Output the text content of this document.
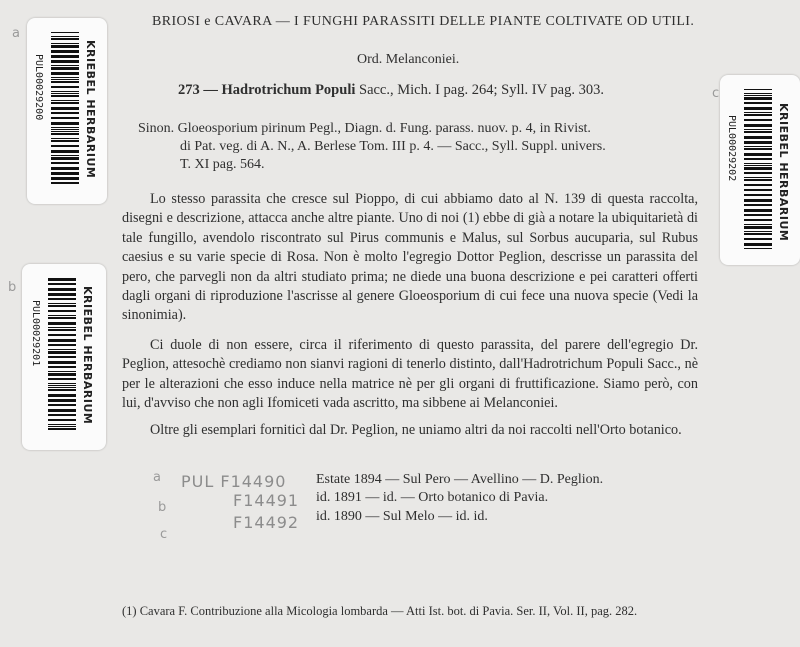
BRIOSI e CAVARA — I FUNGHI PARASSITI DELLE PIANTE COLTIVATE OD UTILI.
Ord. Melanconiei.
273 — Hadrotrichum Populi Sacc., Mich. I pag. 264; Syll. IV pag. 303.
Sinon. Gloeosporium pirinum Pegl., Diagn. d. Fung. parass. nuov. p. 4, in Rivist.
di Pat. veg. di A. N., A. Berlese Tom. III p. 4. — Sacc., Syll. Suppl. univers.
T. XI pag. 564.
Lo stesso parassita che cresce sul Pioppo, di cui abbiamo dato al N. 139 di questa raccolta, disegni e descrizione, attacca anche altre piante. Uno di noi (1) ebbe di già a notare la ubiquitarietà di tale fungillo, avendolo riscontrato sul Pirus communis e Malus, sul Sorbus aucuparia, sul Rubus caesius e su varie specie di Rosa. Non è molto l'egregio Dottor Peglion, descrisse un parassita del pero, che parvegli non da altri studiato prima; ne diede una buona descrizione e pei caratteri offerti dagli organi di riproduzione l'ascrisse al genere Gloeosporium di cui fece una nuova specie (Vedi la sinonimia).
Ci duole di non essere, circa il riferimento di questo parassita, del parere dell'egregio Dr. Peglion, attesochè crediamo non sianvi ragioni di tenerlo distinto, dall'Hadrotrichum Populi Sacc., nè per le alterazioni che esso induce nella matrice nè per gli organi di fruttificazione. Siamo però, con lui, d'avviso che non agli Ifomiceti vada ascritto, ma sibbene ai Melanconiei.
Oltre gli esemplari forniticì dal Dr. Peglion, ne uniamo altri da noi raccolti nell'Orto botanico.
Estate 1894 — Sul Pero — Avellino — D. Peglion.
id. 1891 — id. — Orto botanico di Pavia.
id. 1890 — Sul Melo — id. id.
PUL F14490
F14491
F14492
a
b
c
a
b
c
(1) Cavara F. Contribuzione alla Micologia lombarda — Atti Ist. bot. di Pavia. Ser. II, Vol. II, pag. 282.
KRIEBEL HERBARIUM
PUL00029200
KRIEBEL HERBARIUM
PUL00029201
KRIEBEL HERBARIUM
PUL00029202
